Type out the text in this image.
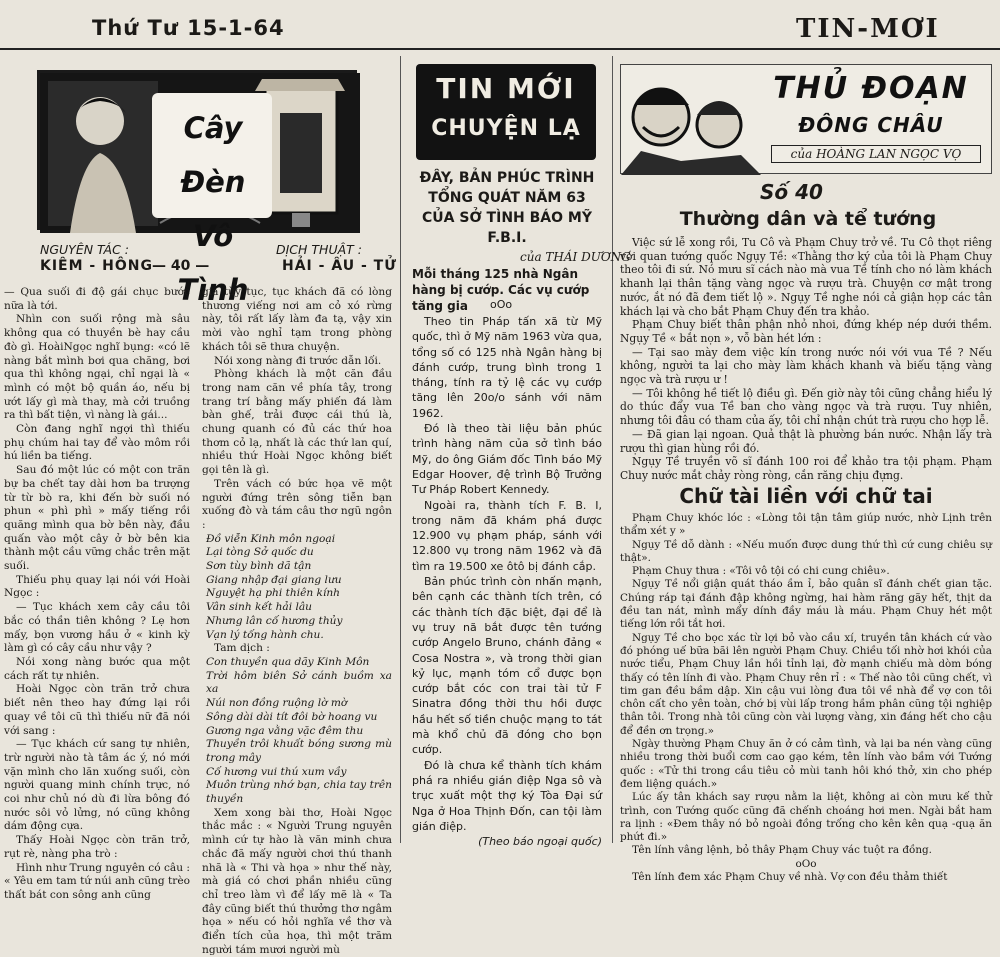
Thứ Tư 15-1-64	TIN-MƠI
Cây Đèn Vô Tình
NGUYÊN TÁC :
KIÊM - HÔNG — 40 —
DỊCH THUẬT :
HẢI - ÂU - TỬ

— Qua suối đi độ gái chục bước nữa là tới.

Nhìn con suối rộng mà sâu không qua có thuyền bè hay cầu đò gì. HoàiNgọc nghĩ bụng: «có lẽ nàng bắt mình bơi qua chăng, bơi qua thì không ngại, chỉ ngại là « mình có một bộ quần áo, nếu bị ướt lấy gì mà thay, mà cởi truồng ra thì bất tiện, vì nàng là gái...

Còn đang nghĩ ngợi thì thiếu phụ chúm hai tay để vào môm rồi hú liền ba tiếng.

Sau đó một lúc có một con trăn bự ba chết tay dài hơn ba trượng từ từ bò ra, khi đến bờ suối nó phun « phì phì » mấy tiếng rồi quăng mình qua bờ bên này, đầu quấn vào một cây ở bờ bên kia thành một cầu vững chắc trên mặt suối.

Thiếu phụ quay lại nói với Hoài Ngọc :

— Tục khách xem cây cầu tôi bắc có thần tiên không ? Lẹ hơn mấy, bọn vương hầu ở « kinh kỳ làm gì có cây cầu như vậy ?

Nói xong nàng bước qua một cách rất tự nhiên.

Hoài Ngọc còn trăn trở chưa biết nên theo hay đứng lại rồi quay về tôi cũ thì thiếu nữ đã nói với sang :

— Tục khách cứ sang tự nhiên, trừ người nào tà tâm ác ý, nó mới vặn mình cho lăn xuống suối, còn người quang minh chính trực, nó coi như chủ nó dù đi lừa bông đó nước sôi vỏ lửng, nó cũng không dám động cựa.

Thấy Hoài Ngọc còn trăn trở, rụt rè, nàng pha trò :

Hình như Trung nguyên có câu : « Yêu em tam tứ núi anh cũng trèo thất bát con sông anh cũng

gia tùy tục, tục khách đã có lòng thương viếng nơi am cỏ xó rừng này, tôi rất lấy làm đa tạ, vậy xin mời vào nghỉ tạm trong phòng khách tôi sẽ thưa chuyện.

Nói xong nàng đi trước dẫn lối.

Phòng khách là một căn đầu trong nam căn về phía tây, trong trang trí bằng mấy phiến đá làm bàn ghế, trải được cái thú là, chung quanh có đủ các thứ hoa thơm cỏ lạ, nhất là các thứ lan quí, nhiều thứ Hoài Ngọc không biết gọi tên là gì.

Trên vách có bức họa vẽ một người đứng trên sông tiễn bạn xuống đò và tám câu thơ ngũ ngôn :

Đồ viễn Kinh môn ngoại

Lại tòng Sở quốc du

Sơn tùy bình dã tận

Giang nhập đại giang lưu

Nguyệt hạ phi thiên kính

Vân sinh kết hải lâu

Nhưng lân cố hương thủy

Vạn lý tống hành chu.

Tam dịch :

Con thuyền qua dãy Kinh Môn

Trời hôm biên Sở cánh buồm xa xa

Núi non đồng ruộng lờ mờ

Sông dài dài tít đôi bờ hoang vu

Gương nga vằng vặc đêm thu

Thuyền trôi khuất bóng sương mù trong mây

Cố hương vui thú xum vầy

Muôn trùng nhớ bạn, chia tay trên thuyền

Xem xong bài thơ, Hoài Ngọc thắc mắc : « Người Trung nguyên mình cứ tự hào là văn minh chưa chắc đã mấy người chơi thú thanh nhã là « Thi và họa » như thế này, mà giá có chơi phần nhiều cũng chỉ treo làm vì để lấy mẽ là « Ta đây cũng biết thú thưởng thơ ngâm họa » nếu có hỏi nghĩa về thơ và điển tích của họa, thì một trăm người tám mươi người mù

TIN MỚI
CHUYỆN LẠ
ĐÂY, BẢN PHÚC TRÌNH TỔNG QUÁT NĂM 63 CỦA SỞ TÌNH BÁO MỸ F.B.I.
của THÁI DƯƠNG
Mỗi tháng 125 nhà Ngân hàng bị cướp. Các vụ cướp tăng gia	oOo

Theo tin Pháp tấn xã từ Mỹ quốc, thì ở Mỹ năm 1963 vừa qua, tổng số có 125 nhà Ngân hàng bị đánh cướp, trung bình trong 1 tháng, tính ra tỷ lệ các vụ cướp tăng lên 20o/o sánh với năm 1962.

Đó là theo tài liệu bản phúc trình hàng năm của sở tình báo Mỹ, do ông Giám đốc Tình báo Mỹ Edgar Hoover, đệ trình Bộ Trưởng Tư Pháp Robert Kennedy.

Ngoài ra, thành tích F. B. I, trong năm đã khám phá được 12.900 vụ phạm pháp, sánh với 12.800 vụ trong năm 1962 và đã tìm ra 19.500 xe ôtô bị đánh cắp.

Bản phúc trình còn nhấn mạnh, bên cạnh các thành tích trên, có các thành tích đặc biệt, đại để là vụ truy nã bắt được tên tướng cướp Angelo Bruno, chánh đảng « Cosa Nostra », và trong thời gian kỷ lục, mạnh tóm cổ được bọn cướp bắt cóc con trai tài tử F Sinatra đồng thời thu hồi được hầu hết số tiền chuộc mạng to tát mà khổ chủ đã đóng cho bọn cướp.

Đó là chưa kể thành tích khám phá ra nhiều gián điệp Nga sô và trục xuất một thợ ký Tòa Đại sứ Nga ở Hoa Thịnh Đốn, can tội làm gián điệp.

(Theo báo ngoại quốc)

THỦ ĐOẠN
ĐÔNG CHÂU
của HOÀNG LAN NGỌC VỌ
Số 40
Thường dân và tể tướng

Việc sứ lễ xong rồi, Tu Cô và Phạm Chuy trở về. Tu Cô thọt riêng với quan tướng quốc Ngụy Tề: «Thằng thơ ký của tôi là Phạm Chuy theo tôi đi sứ. Nó mưu sĩ cách nào mà vua Tề tính cho nó làm khách khanh lại thân tặng vàng ngọc và rượu trà. Chuyện cơ mật trong nước, ắt nó đã đem tiết lộ ». Ngụy Tề nghe nói cả giận họp các tân khách lại và cho bắt Phạm Chuy đến tra khảo.

Phạm Chuy biết thân phận nhỏ nhoi, đứng khép nép dưới thềm. Ngụy Tề « bắt nọn », vỗ bàn hét lớn :

— Tại sao mày đem việc kín trong nước nói với vua Tề ? Nếu không, người ta lại cho mày làm khách khanh và biếu tặng vàng ngọc và trà rượu ư !

— Tôi không hề tiết lộ điều gì. Đến giờ này tôi cũng chẳng hiểu lý do thúc đẩy vua Tề ban cho vàng ngọc và trà rượu. Tuy nhiên, nhưng tôi đâu có tham của ấy, tôi chỉ nhận chút trà rượu cho hợp lễ.

— Đã gian lại ngoan. Quả thật là phường bán nước. Nhận lấy trà rượu thì gian hùng rồi đó.

Ngụy Tề truyền võ sĩ đánh 100 roi để khảo tra tội phạm. Phạm Chuy nước mắt chảy ròng ròng, cắn răng chịu đựng.

Chữ tài liền với chữ tai

Phạm Chuy khóc lóc : «Lòng tôi tận tâm giúp nước, nhờ Lịnh trên thẩm xét y »

Ngụy Tề dỗ dành : «Nếu muốn được dung thứ thì cứ cung chiêu sự thật».

Phạm Chuy thưa : «Tôi vô tội có chi cung chiêu».

Ngụy Tề nổi giận quát tháo ầm ỉ, bảo quân sĩ đánh chết gian tặc. Chúng ráp tại đánh đập không ngừng, hai hàm răng gãy hết, thịt da đều tan nát, mình mẩy dính đầy máu là máu. Phạm Chuy hét một tiếng lớn rồi tắt hơi.

Ngụy Tề cho bọc xác từ lợi bỏ vào cầu xí, truyền tân khách cứ vào đó phóng uế bữa bãi lên người Phạm Chuy. Chiều tối nhờ hơi khói của nước tiểu, Phạm Chuy lần hồi tỉnh lại, đờ mạnh chiếu mà dòm bóng thấy có tên lính đi vào. Phạm Chuy rên rỉ : « Thế nào tôi cũng chết, vì tim gan đều bầm dập. Xin cậu vui lòng đưa tôi về nhà để vợ con tôi chôn cất cho yên toàn, chớ bị vùi lấp trong hầm phân cũng tội nghiệp thân tôi. Trong nhà tôi cũng còn vài lượng vàng, xin đáng hết cho cậu để đền ơn trọng.»

Ngày thường Phạm Chuy ăn ở có cảm tình, và lại ba nén vàng cũng nhiều trong thời buổi cơm cao gạo kém, tên lính vào bầm với Tướng quốc : «Tử thi trong cầu tiêu cỏ mùi tanh hôi khó thở, xin cho phép đem liệng quách.»

Lúc ấy tân khách say rượu nằm la liệt, không ai còn mưu kế thử trình, con Tướng quốc cũng đã chếnh choáng hơi men. Ngài bắt ham ra lịnh : «Đem thây nó bỏ ngoài đồng trống cho kên kên quạ -quạ ăn phứt đi.»

Tên lính vâng lệnh, bỏ thây Phạm Chuy vác tuột ra đồng.

oOo

Tên lính đem xác Phạm Chuy về nhà. Vợ con đều thảm thiết
